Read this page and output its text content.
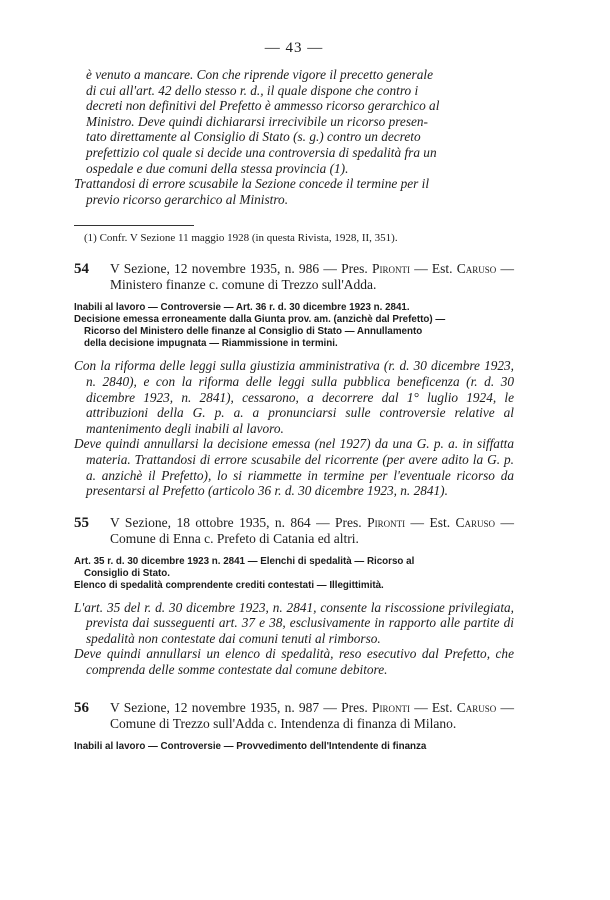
— 43 —
è venuto a mancare. Con che riprende vigore il precetto generale
di cui all'art. 42 dello stesso r. d., il quale dispone che contro i
decreti non definitivi del Prefetto è ammesso ricorso gerarchico al
Ministro. Deve quindi dichiararsi irrecivibile un ricorso presen-
tato direttamente al Consiglio di Stato (s. g.) contro un decreto
prefettizio col quale si decide una controversia di spedalità fra un
ospedale e due comuni della stessa provincia (1).
Trattandosi di errore scusabile la Sezione concede il termine per il
previo ricorso gerarchico al Ministro.
(1) Confr. V Sezione 11 maggio 1928 (in questa Rivista, 1928, II, 351).
54	V Sezione, 12 novembre 1935, n. 986 — Pres. Pironti — Est. Caruso — Ministero finanze c. comune di Trezzo sull'Adda.
Inabili al lavoro — Controversie — Art. 36 r. d. 30 dicembre 1923 n. 2841.
Decisione emessa erroneamente dalla Giunta prov. am. (anzichè dal Prefetto) —
Ricorso del Ministero delle finanze al Consiglio di Stato — Annullamento
della decisione impugnata — Riammissione in termini.

Con la riforma delle leggi sulla giustizia amministrativa (r. d. 30 dicembre 1923, n. 2840), e con la riforma delle leggi sulla pubblica beneficenza (r. d. 30 dicembre 1923, n. 2841), cessarono, a decorrere dal 1° luglio 1924, le attribuzioni della G. p. a. a pronunciarsi sulle controversie relative al mantenimento degli inabili al lavoro.

Deve quindi annullarsi la decisione emessa (nel 1927) da una G. p. a. in siffatta materia. Trattandosi di errore scusabile del ricorrente (per avere adito la G. p. a. anzichè il Prefetto), lo si riammette in termine per l'eventuale ricorso da presentarsi al Prefetto (articolo 36 r. d. 30 dicembre 1923, n. 2841).

55	V Sezione, 18 ottobre 1935, n. 864 — Pres. Pironti — Est. Caruso — Comune di Enna c. Prefeto di Catania ed altri.
Art. 35 r. d. 30 dicembre 1923 n. 2841 — Elenchi di spedalità — Ricorso al
Consiglio di Stato.
Elenco di spedalità comprendente crediti contestati — Illegittimità.

L'art. 35 del r. d. 30 dicembre 1923, n. 2841, consente la riscossione privilegiata, prevista dai susseguenti art. 37 e 38, esclusivamente in rapporto alle partite di spedalità non contestate dai comuni tenuti al rimborso.

Deve quindi annullarsi un elenco di spedalità, reso esecutivo dal Prefetto, che comprenda delle somme contestate dal comune debitore.

56	V Sezione, 12 novembre 1935, n. 987 — Pres. Pironti — Est. Caruso — Comune di Trezzo sull'Adda c. Intendenza di finanza di Milano.
Inabili al lavoro — Controversie — Provvedimento dell'Intendente di finanza
